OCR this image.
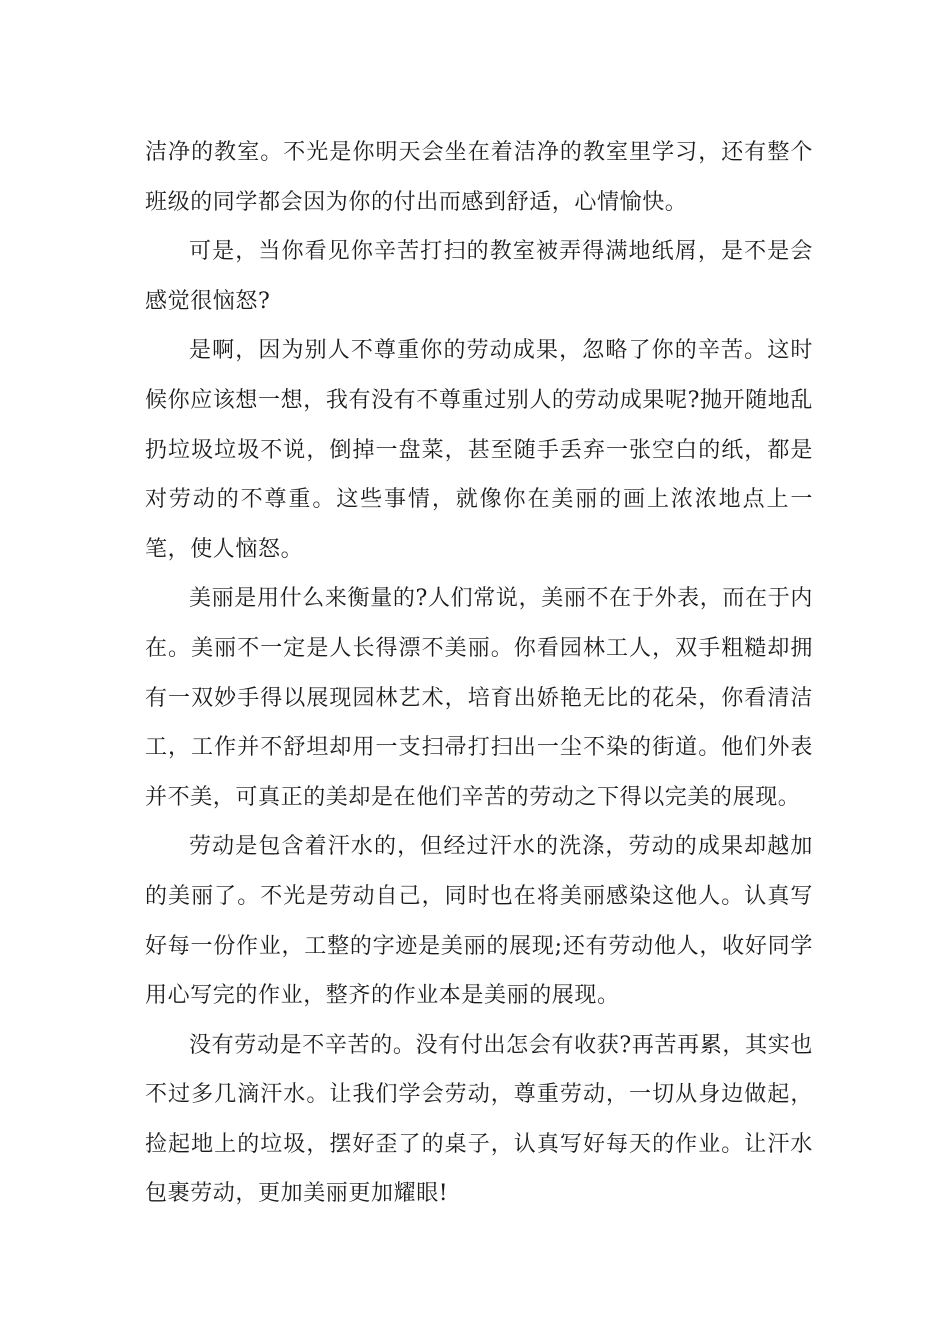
洁净的教室。不光是你明天会坐在着洁净的教室里学习，还有整个班级的同学都会因为你的付出而感到舒适，心情愉快。

可是，当你看见你辛苦打扫的教室被弄得满地纸屑，是不是会感觉很恼怒?

是啊，因为别人不尊重你的劳动成果，忽略了你的辛苦。这时候你应该想一想，我有没有不尊重过别人的劳动成果呢?抛开随地乱扔垃圾垃圾不说，倒掉一盘菜，甚至随手丢弃一张空白的纸，都是对劳动的不尊重。这些事情，就像你在美丽的画上浓浓地点上一笔，使人恼怒。

美丽是用什么来衡量的?人们常说，美丽不在于外表，而在于内在。美丽不一定是人长得漂不美丽。你看园林工人，双手粗糙却拥有一双妙手得以展现园林艺术，培育出娇艳无比的花朵，你看清洁工，工作并不舒坦却用一支扫帚打扫出一尘不染的街道。他们外表并不美，可真正的美却是在他们辛苦的劳动之下得以完美的展现。

劳动是包含着汗水的，但经过汗水的洗涤，劳动的成果却越加的美丽了。不光是劳动自己，同时也在将美丽感染这他人。认真写好每一份作业，工整的字迹是美丽的展现;还有劳动他人，收好同学用心写完的作业，整齐的作业本是美丽的展现。

没有劳动是不辛苦的。没有付出怎会有收获?再苦再累，其实也不过多几滴汗水。让我们学会劳动，尊重劳动，一切从身边做起，捡起地上的垃圾，摆好歪了的桌子，认真写好每天的作业。让汗水包裹劳动，更加美丽更加耀眼!
